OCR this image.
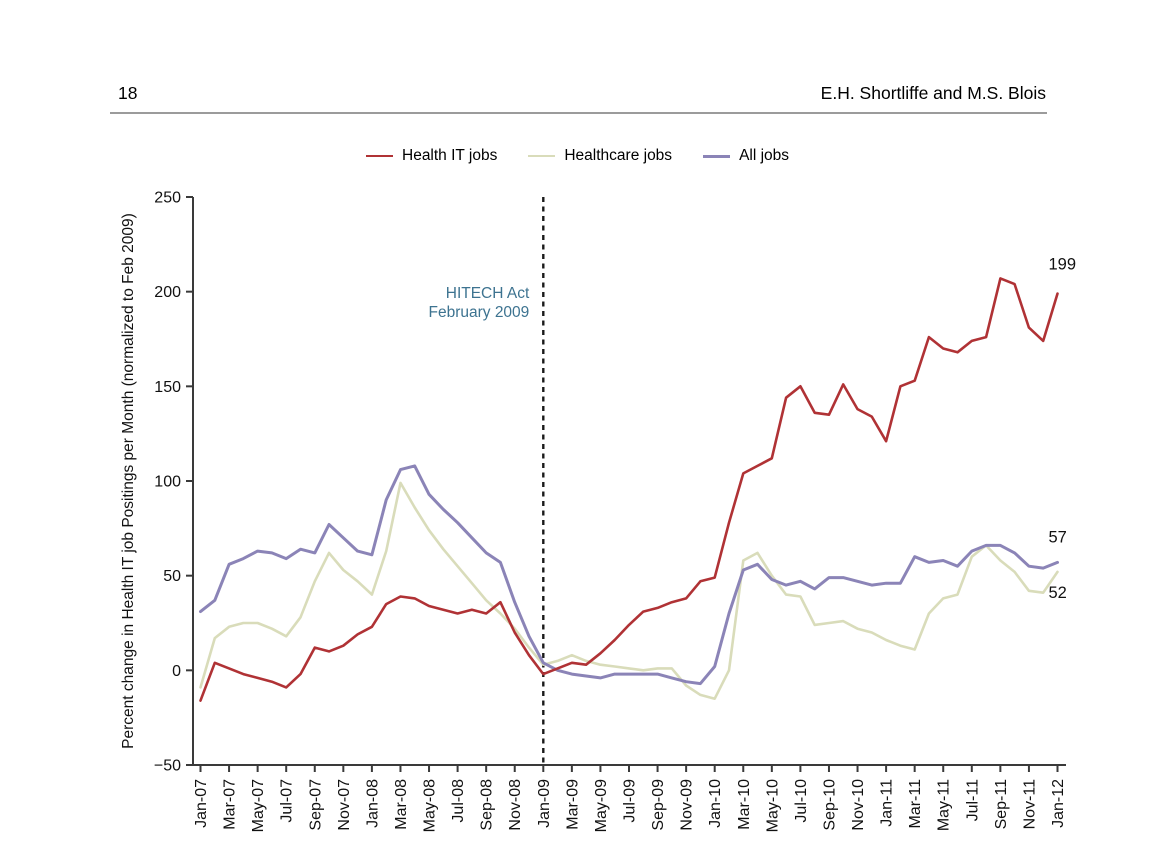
18	E.H. Shortliffe and M.S. Blois
Health IT jobs	Healthcare jobs	All jobs
−50
0
50
100
150
200
250
Jan-07 Mar-07 May-07 Jul-07 Sep-07 Nov-07 Jan-08 Mar-08 May-08 Jul-08 Sep-08 Nov-08 Jan-09 Mar-09 May-09 Jul-09 Sep-09 Nov-09 Jan-10 Mar-10 May-10 Jul-10 Sep-10 Nov-10 Jan-11 Mar-11 May-11 Jul-11 Sep-11 Nov-11 Jan-12
Percent change in Health IT job Positings per Month (normalized to Feb 2009)	HITECH Act
February 2009
199
52
57
